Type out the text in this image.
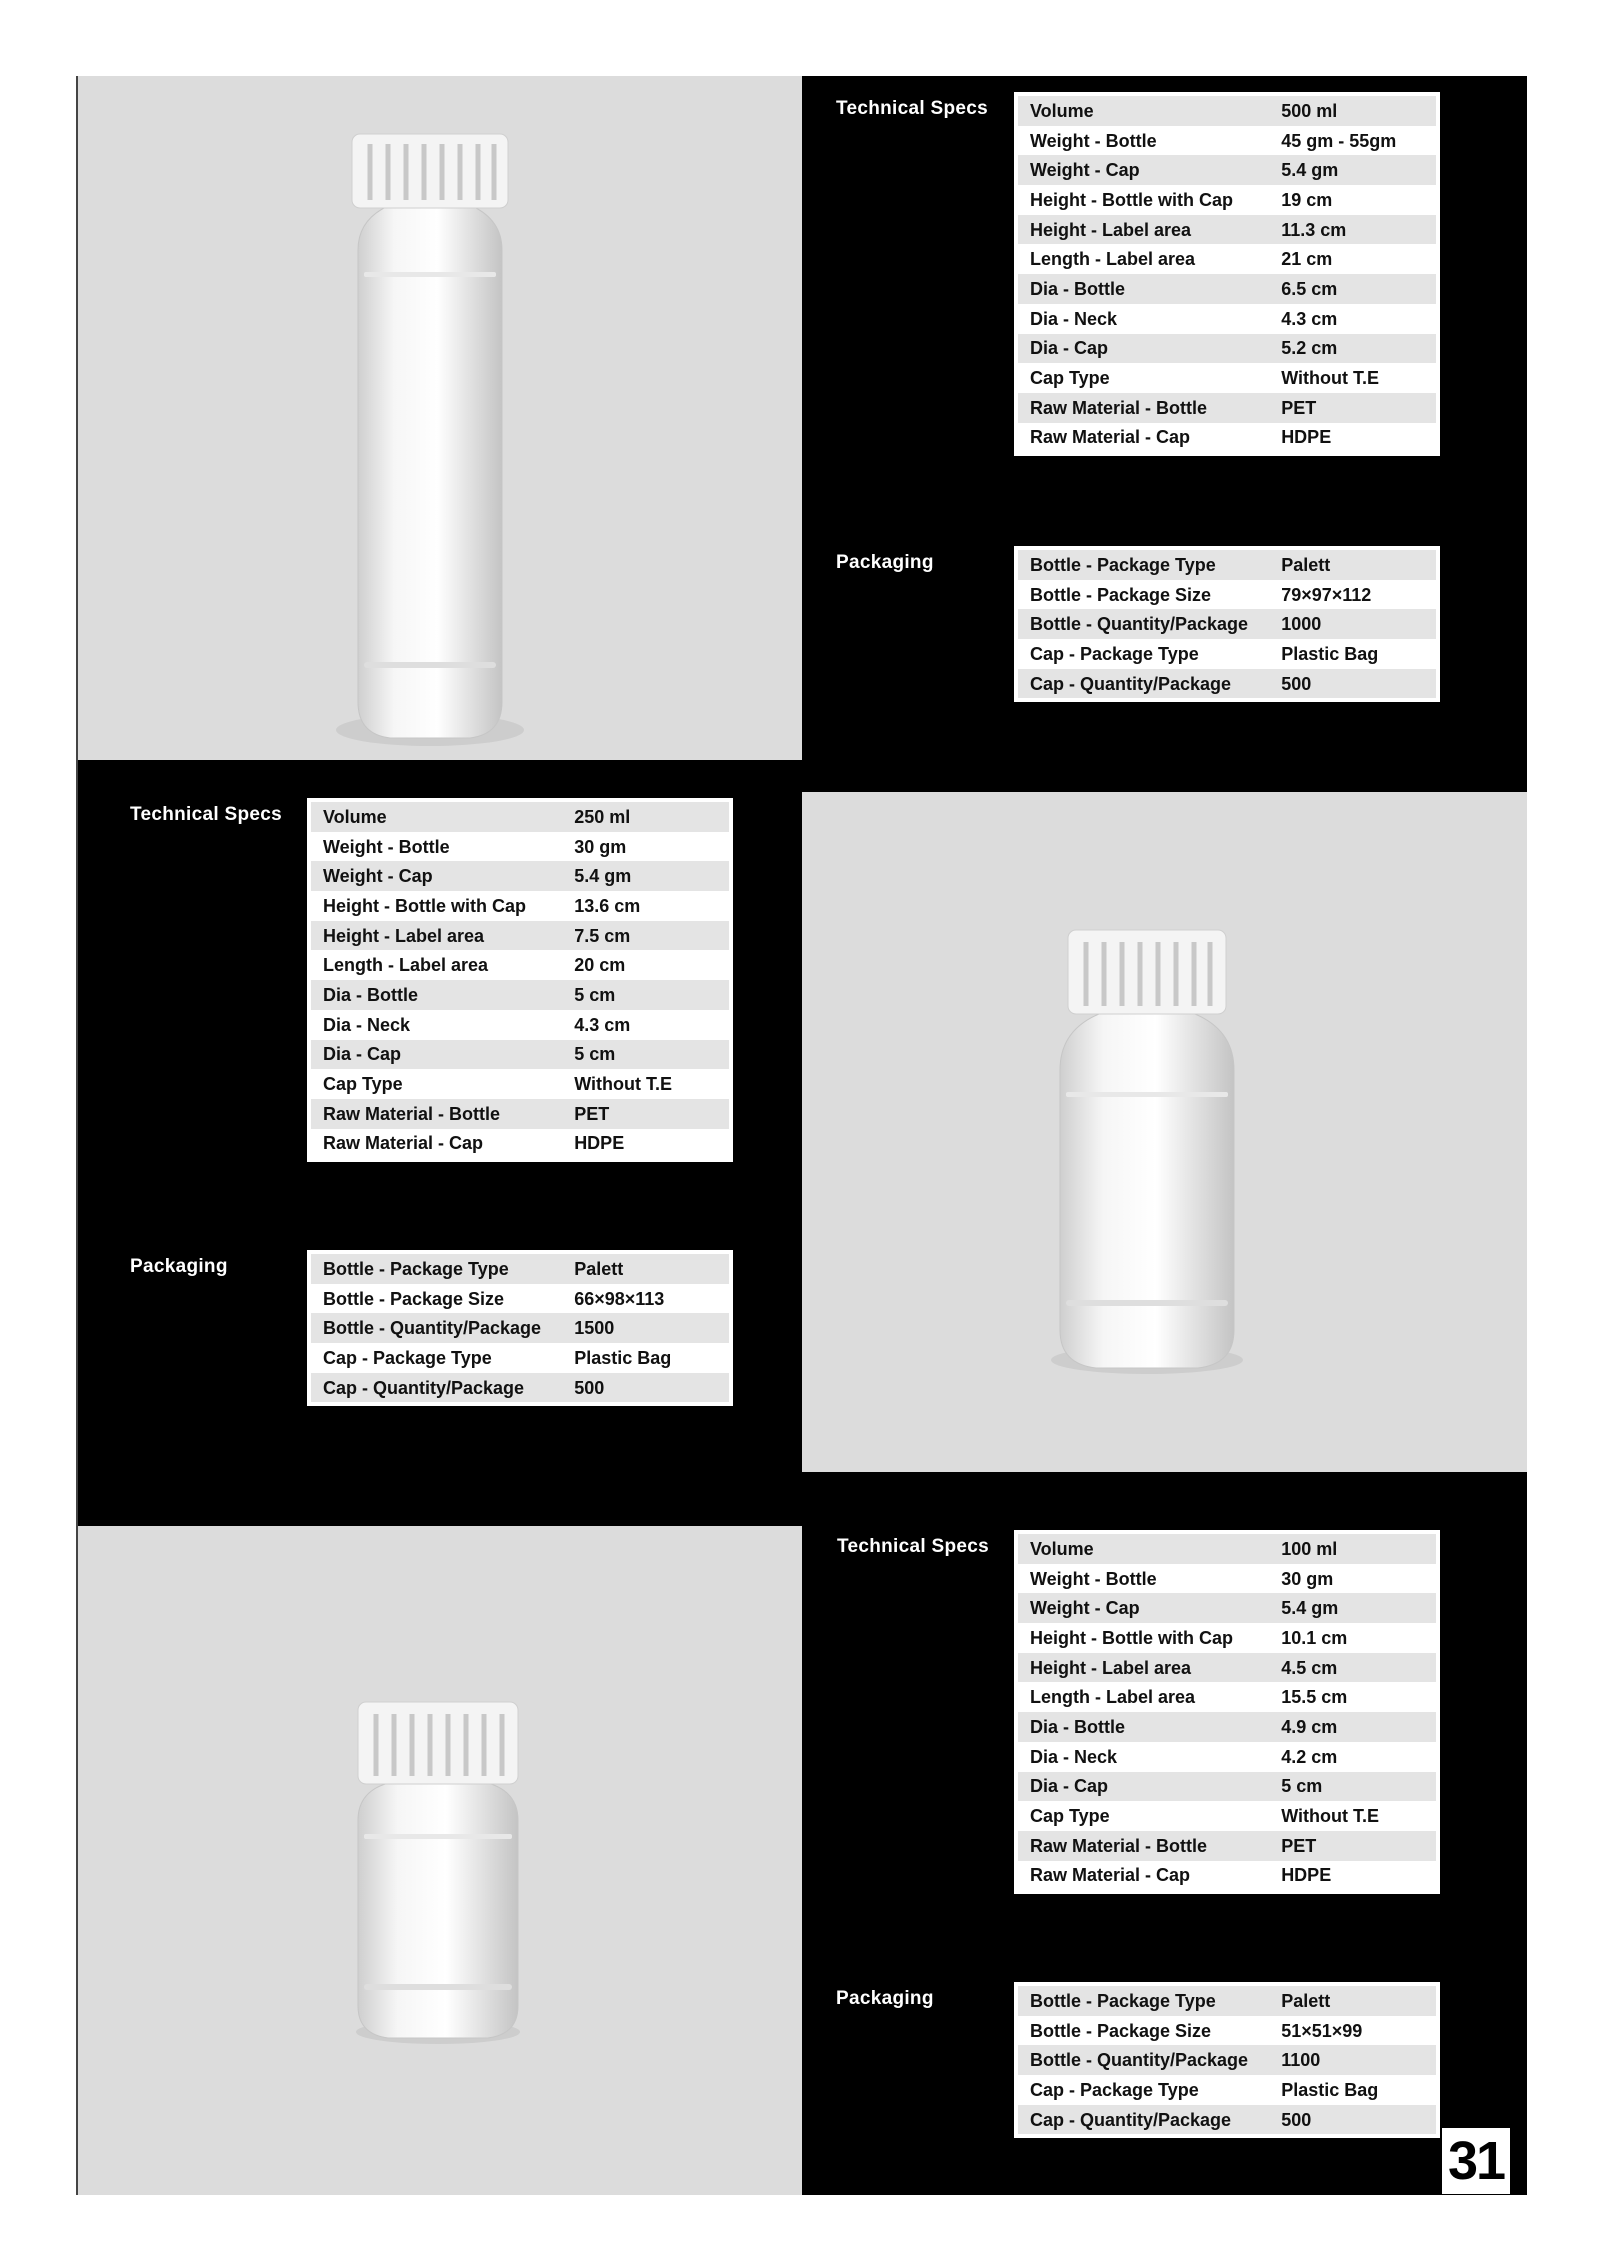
Technical Specs Volume	500 ml
Weight - Bottle	45 gm - 55gm
Weight - Cap	5.4 gm
Height - Bottle with Cap	19 cm
Height - Label area	11.3 cm
Length - Label area	21 cm
Dia - Bottle	6.5 cm
Dia - Neck	4.3 cm
Dia - Cap	5.2 cm
Cap Type	Without T.E
Raw Material - Bottle	PET
Raw Material - Cap	HDPE
Packaging	Bottle - Package Type	Palett
Bottle - Package Size	79×97×112
Bottle - Quantity/Package	1000
Cap - Package Type	Plastic Bag
Cap - Quantity/Package	500
Technical Specs Volume	250 ml
Weight - Bottle	30 gm
Weight - Cap	5.4 gm
Height - Bottle with Cap	13.6 cm
Height - Label area	7.5 cm
Length - Label area	20 cm
Dia - Bottle	5 cm
Dia - Neck	4.3 cm
Dia - Cap	5 cm
Cap Type	Without T.E
Raw Material - Bottle	PET
Raw Material - Cap	HDPE
Packaging	Bottle - Package Type	Palett
Bottle - Package Size	66×98×113
Bottle - Quantity/Package	1500
Cap - Package Type	Plastic Bag
Cap - Quantity/Package	500
Technical Specs Volume	100 ml
Weight - Bottle	30 gm
Weight - Cap	5.4 gm
Height - Bottle with Cap	10.1 cm
Height - Label area	4.5 cm
Length - Label area	15.5 cm
Dia - Bottle	4.9 cm
Dia - Neck	4.2 cm
Dia - Cap	5 cm
Cap Type	Without T.E
Raw Material - Bottle	PET
Raw Material - Cap	HDPE
Packaging	Bottle - Package Type	Palett
Bottle - Package Size	51×51×99
Bottle - Quantity/Package	1100
Cap - Package Type	Plastic Bag
Cap - Quantity/Package	500
31
